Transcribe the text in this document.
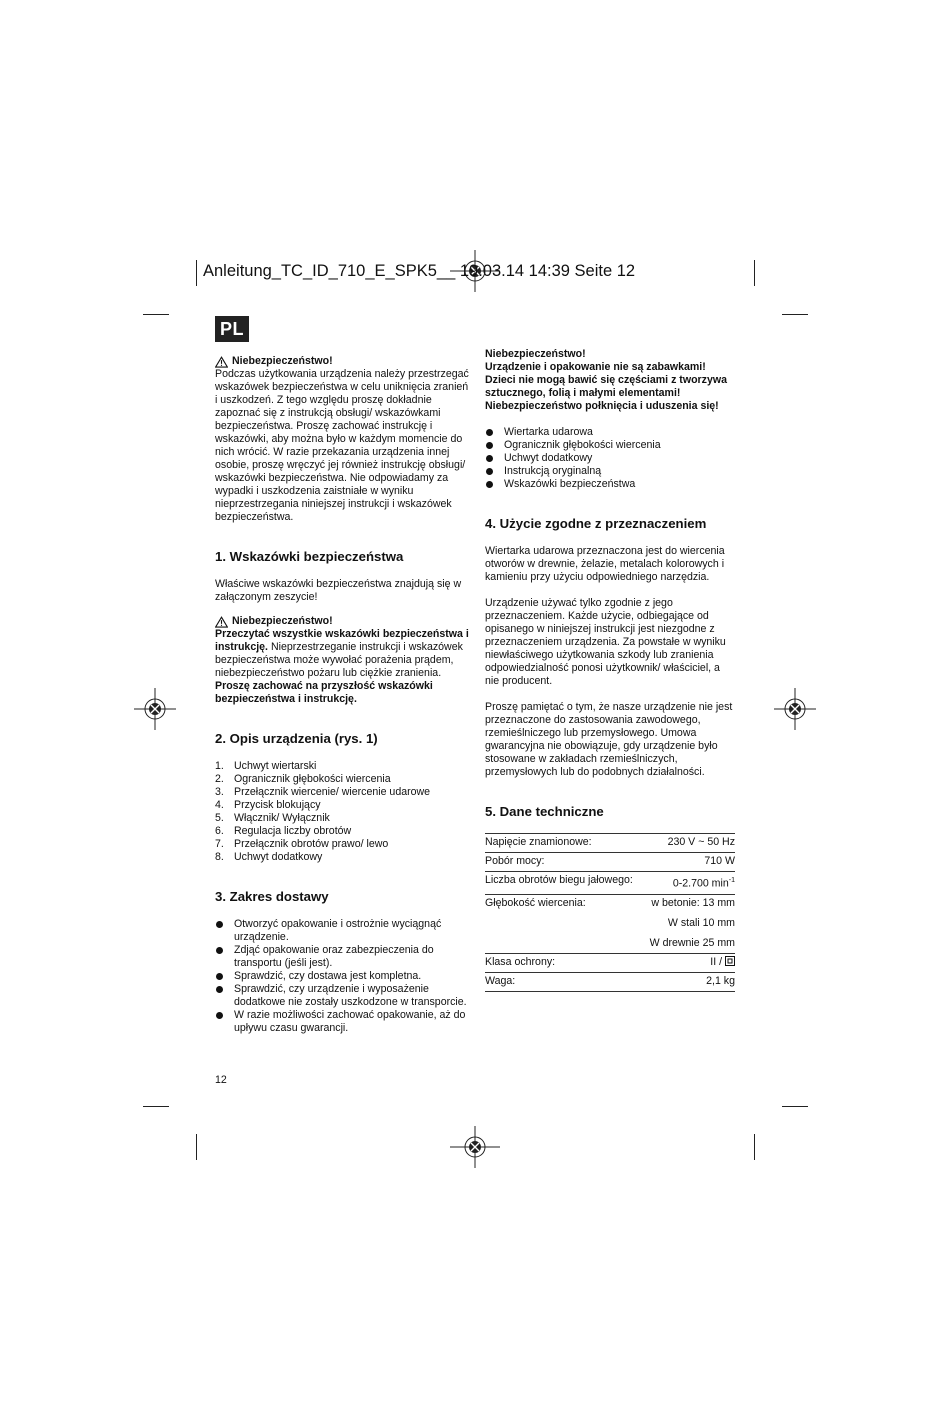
Anleitung_TC_ID_710_E_SPK5__ 19.03.14 14:39 Seite 12
PL

Niebezpieczeństwo!

Podczas użytkowania urządzenia należy przestrzegać wskazówek bezpieczeństwa w celu uniknięcia zranień i uszkodzeń. Z tego względu proszę dokładnie zapoznać się z instrukcją obsługi/ wskazówkami bezpieczeństwa. Proszę zachować instrukcję i wskazówki, aby można było w każdym momencie do nich wrócić. W razie przekazania urządzenia innej osobie, proszę wręczyć jej również instrukcję obsługi/ wskazówki bezpieczeństwa. Nie odpowiadamy za wypadki i uszkodzenia zaistniałe w wyniku nieprzestrzegania niniejszej instrukcji i wskazówek bezpieczeństwa.

1. Wskazówki bezpieczeństwa

Właściwe wskazówki bezpieczeństwa znajdują się w załączonym zeszycie!

Niebezpieczeństwo!

Przeczytać wszystkie wskazówki bezpieczeństwa i instrukcję. Nieprzestrzeganie instrukcji i wskazówek bezpieczeństwa może wywołać porażenia prądem, niebezpieczeństwo pożaru lub ciężkie zranienia.

Proszę zachować na przyszłość wskazówki bezpieczeństwa i instrukcję.

2. Opis urządzenia (rys. 1)
1. Uchwyt wiertarski
2. Ogranicznik głębokości wiercenia
3. Przełącznik wiercenie/ wiercenie udarowe
4. Przycisk blokujący
5. Włącznik/ Wyłącznik
6. Regulacja liczby obrotów
7. Przełącznik obrotów prawo/ lewo
8. Uchwyt dodatkowy
3. Zakres dostawy
Otworzyć opakowanie i ostrożnie wyciągnąć urządzenie.
Zdjąć opakowanie oraz zabezpieczenia do transportu (jeśli jest).
Sprawdzić, czy dostawa jest kompletna.
Sprawdzić, czy urządzenie i wyposażenie dodatkowe nie zostały uszkodzone w transporcie.
W razie możliwości zachować opakowanie, aż do upływu czasu gwarancji.

Niebezpieczeństwo!
Urządzenie i opakowanie nie są zabawkami! Dzieci nie mogą bawić się częściami z tworzywa sztucznego, folią i małymi elementami! Niebezpieczeństwo połknięcia i uduszenia się!

Wiertarka udarowa
Ogranicznik głębokości wiercenia
Uchwyt dodatkowy
Instrukcją oryginalną
Wskazówki bezpieczeństwa
4. Użycie zgodne z przeznaczeniem

Wiertarka udarowa przeznaczona jest do wiercenia otworów w drewnie, żelazie, metalach kolorowych i kamieniu przy użyciu odpowiedniego narzędzia.

Urządzenie używać tylko zgodnie z jego przeznaczeniem. Każde użycie, odbiegające od opisanego w niniejszej instrukcji jest niezgodne z przeznaczeniem urządzenia. Za powstałe w wyniku niewłaściwego użytkowania szkody lub zranienia odpowiedzialność ponosi użytkownik/ właściciel, a nie producent.

Proszę pamiętać o tym, że nasze urządzenie nie jest przeznaczone do zastosowania zawodowego, rzemieślniczego lub przemysłowego. Umowa gwarancyjna nie obowiązuje, gdy urządzenie było stosowane w zakładach rzemieślniczych, przemysłowych lub do podobnych działalności.

5. Dane techniczne
Napięcie znamionowe:	230 V ~ 50 Hz
Pobór mocy:	710 W
Liczba obrotów biegu jałowego:	0-2.700 $\min^{-1}$
Głębokość wiercenia:	w betonie: 13 mm
	W stali 10 mm
	W drewnie 25 mm
Klasa ochrony:	II /
Waga:	2,1 kg
12
